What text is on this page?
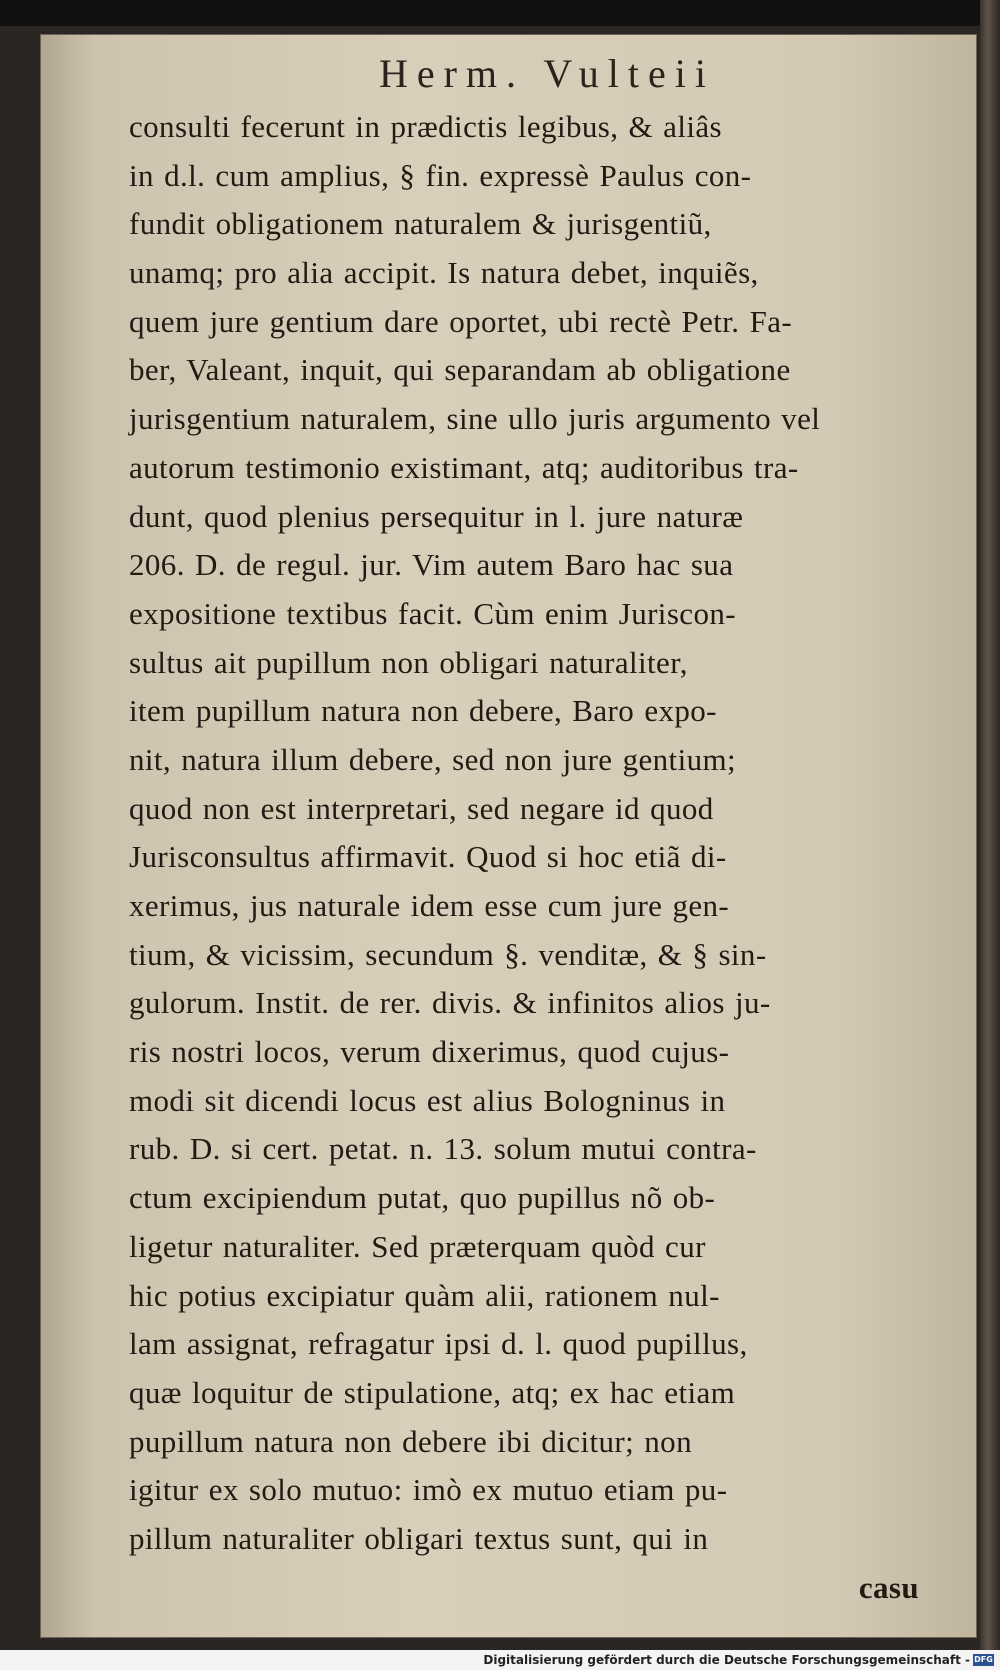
Herm. Vulteii
consulti fecerunt in prædictis legibus, & aliâs
in d.l. cum amplius, § fin. expressè Paulus con-
fundit obligationem naturalem & jurisgentiũ,
unamq; pro alia accipit. Is natura debet, inquiẽs,
quem jure gentium dare oportet, ubi rectè Petr. Fa-
ber, Valeant, inquit, qui separandam ab obligatione
jurisgentium naturalem, sine ullo juris argumento vel
autorum testimonio existimant, atq; auditoribus tra-
dunt, quod plenius persequitur in l. jure naturæ
206. D. de regul. jur. Vim autem Baro hac sua
expositione textibus facit. Cùm enim Juriscon-
sultus ait pupillum non obligari naturaliter,
item pupillum natura non debere, Baro expo-
nit, natura illum debere, sed non jure gentium;
quod non est interpretari, sed negare id quod
Jurisconsultus affirmavit. Quod si hoc etiã di-
xerimus, jus naturale idem esse cum jure gen-
tium, & vicissim, secundum §. venditæ, & § sin-
gulorum. Instit. de rer. divis. & infinitos alios ju-
ris nostri locos, verum dixerimus, quod cujus-
modi sit dicendi locus est alius Bologninus in
rub. D. si cert. petat. n. 13. solum mutui contra-
ctum excipiendum putat, quo pupillus nõ ob-
ligetur naturaliter. Sed præterquam quòd cur
hic potius excipiatur quàm alii, rationem nul-
lam assignat, refragatur ipsi d. l. quod pupillus,
quæ loquitur de stipulatione, atq; ex hac etiam
pupillum natura non debere ibi dicitur; non
igitur ex solo mutuo: imò ex mutuo etiam pu-
pillum naturaliter obligari textus sunt, qui in
casu
Digitalisierung gefördert durch die Deutsche Forschungsgemeinschaft - DFG
